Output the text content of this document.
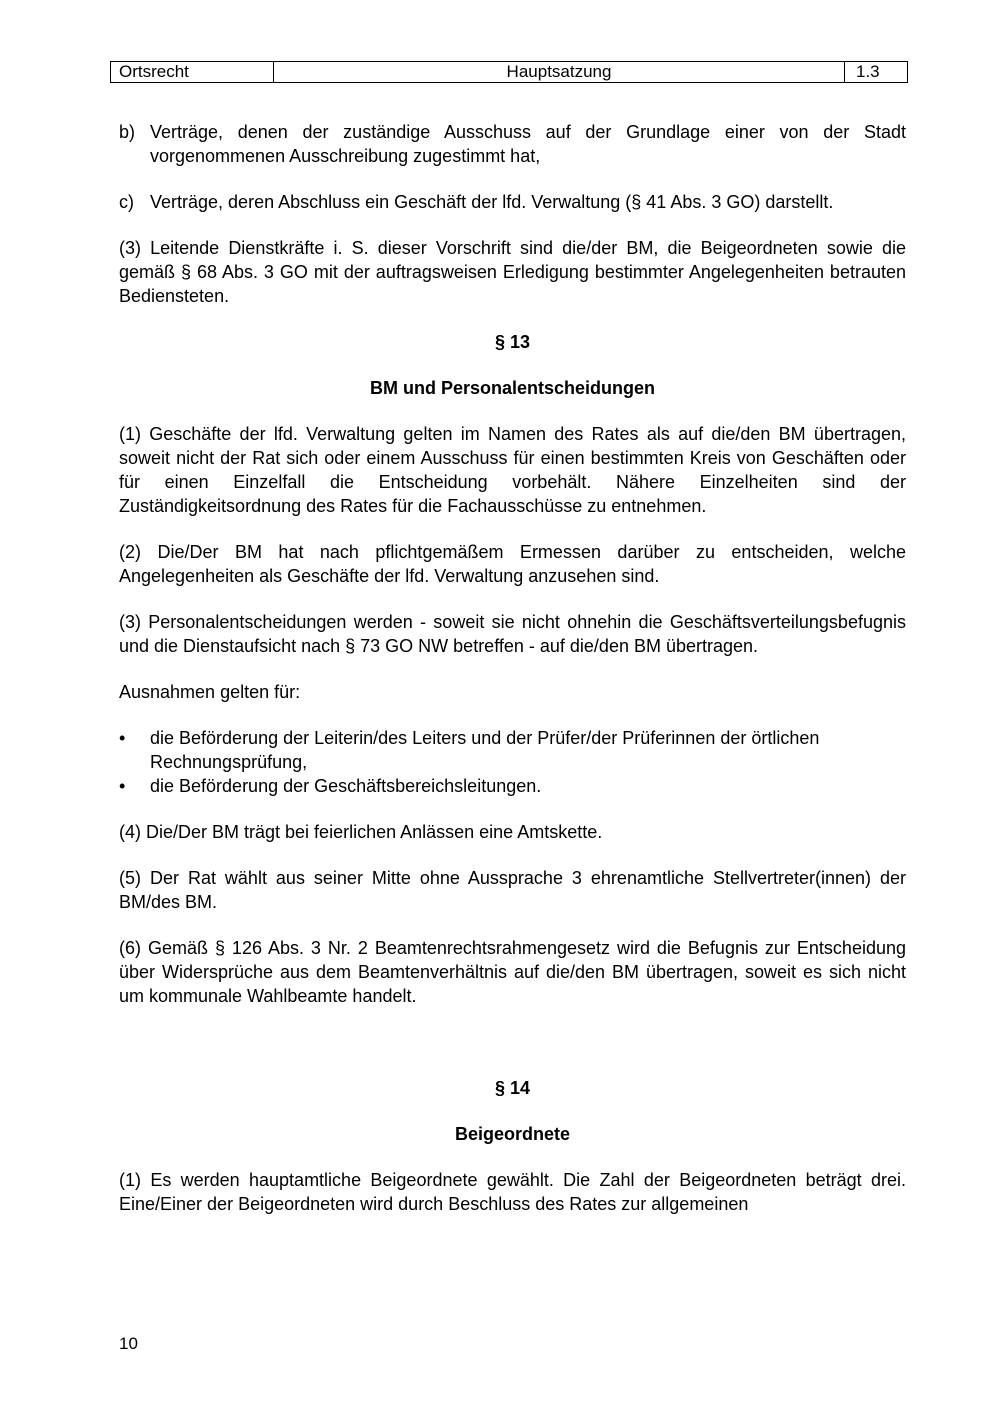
Ortsrecht	Hauptsatzung	1.3
b) Verträge, denen der zuständige Ausschuss auf der Grundlage einer von der Stadt vorgenommenen Ausschreibung zugestimmt hat,
c) Verträge, deren Abschluss ein Geschäft der lfd. Verwaltung (§ 41 Abs. 3 GO) darstellt.

(3) Leitende Dienstkräfte i. S. dieser Vorschrift sind die/der BM, die Beigeordneten sowie die gemäß § 68 Abs. 3 GO mit der auftragsweisen Erledigung bestimmter Angelegenheiten betrauten Bediensteten.

§ 13
BM und Personalentscheidungen

(1) Geschäfte der lfd. Verwaltung gelten im Namen des Rates als auf die/den BM übertragen, soweit nicht der Rat sich oder einem Ausschuss für einen bestimmten Kreis von Geschäften oder für einen Einzelfall die Entscheidung vorbehält. Nähere Einzelheiten sind der Zuständigkeitsordnung des Rates für die Fachausschüsse zu entnehmen.

(2) Die/Der BM hat nach pflichtgemäßem Ermessen darüber zu entscheiden, welche Angelegenheiten als Geschäfte der lfd. Verwaltung anzusehen sind.

(3) Personalentscheidungen werden - soweit sie nicht ohnehin die Geschäftsverteilungsbefugnis und die Dienstaufsicht nach § 73 GO NW betreffen - auf die/den BM übertragen.

Ausnahmen gelten für:

•	die Beförderung der Leiterin/des Leiters und der Prüfer/der Prüferinnen der örtlichen Rechnungsprüfung,
•	die Beförderung der Geschäftsbereichsleitungen.

(4) Die/Der BM trägt bei feierlichen Anlässen eine Amtskette.

(5) Der Rat wählt aus seiner Mitte ohne Aussprache 3 ehrenamtliche Stellvertreter(innen) der BM/des BM.

(6) Gemäß § 126 Abs. 3 Nr. 2 Beamtenrechtsrahmengesetz wird die Befugnis zur Entscheidung über Widersprüche aus dem Beamtenverhältnis auf die/den BM übertragen, soweit es sich nicht um kommunale Wahlbeamte handelt.

§ 14
Beigeordnete

(1) Es werden hauptamtliche Beigeordnete gewählt. Die Zahl der Beigeordneten beträgt drei. Eine/Einer der Beigeordneten wird durch Beschluss des Rates zur allgemeinen

10
